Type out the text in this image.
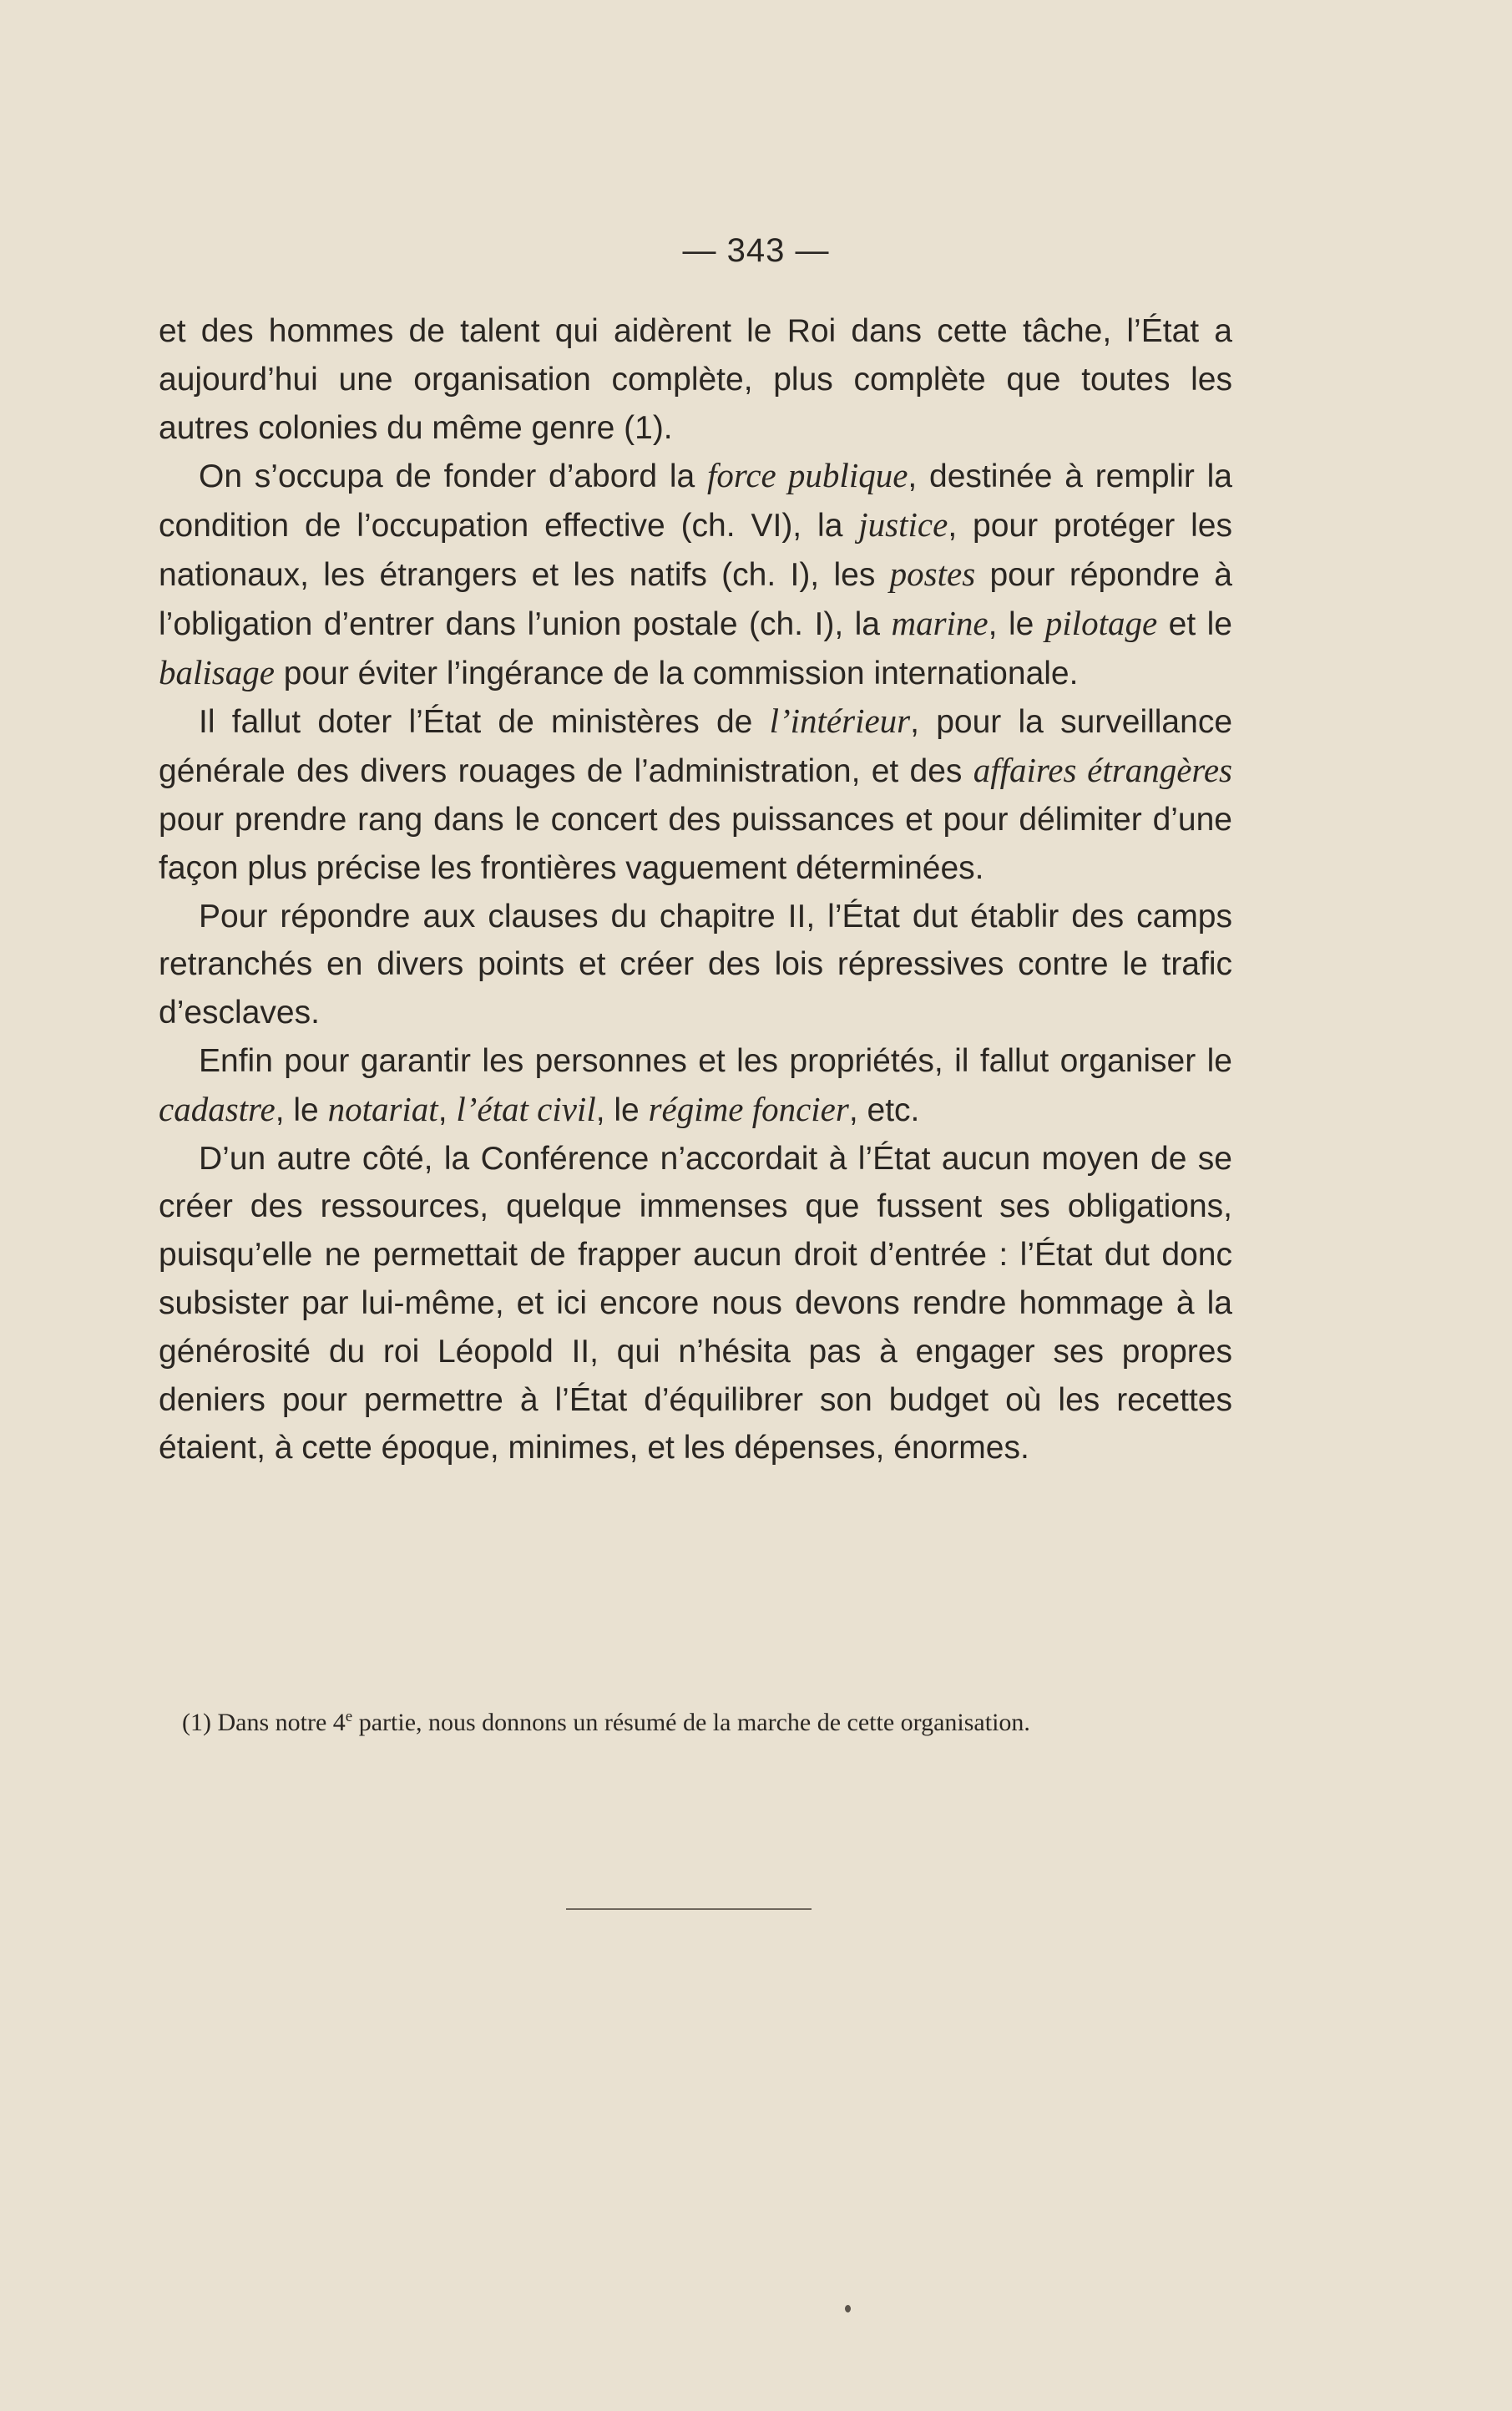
— 343 —

et des hommes de talent qui aidèrent le Roi dans cette tâche, l’État a aujourd’hui une organisation complète, plus complète que toutes les autres colonies du même genre (1).

On s’occupa de fonder d’abord la force publique, destinée à remplir la condition de l’occupation effective (ch. VI), la justice, pour protéger les nationaux, les étrangers et les natifs (ch. I), les postes pour répondre à l’obligation d’entrer dans l’union postale (ch. I), la marine, le pilotage et le balisage pour éviter l’ingérance de la commission internationale.

Il fallut doter l’État de ministères de l’intérieur, pour la surveillance générale des divers rouages de l’administration, et des affaires étrangères pour prendre rang dans le concert des puissances et pour délimiter d’une façon plus précise les frontières vaguement déterminées.

Pour répondre aux clauses du chapitre II, l’État dut établir des camps retranchés en divers points et créer des lois répressives contre le trafic d’esclaves.

Enfin pour garantir les personnes et les propriétés, il fallut organiser le cadastre, le notariat, l’état civil, le régime foncier, etc.

D’un autre côté, la Conférence n’accordait à l’État aucun moyen de se créer des ressources, quelque immenses que fussent ses obligations, puisqu’elle ne permettait de frapper aucun droit d’entrée : l’État dut donc subsister par lui-même, et ici encore nous devons rendre hommage à la générosité du roi Léopold II, qui n’hésita pas à engager ses propres deniers pour permettre à l’État d’équilibrer son budget où les recettes étaient, à cette époque, minimes, et les dépenses, énormes.

(1) Dans notre 4e partie, nous donnons un résumé de la marche de cette organisation.
